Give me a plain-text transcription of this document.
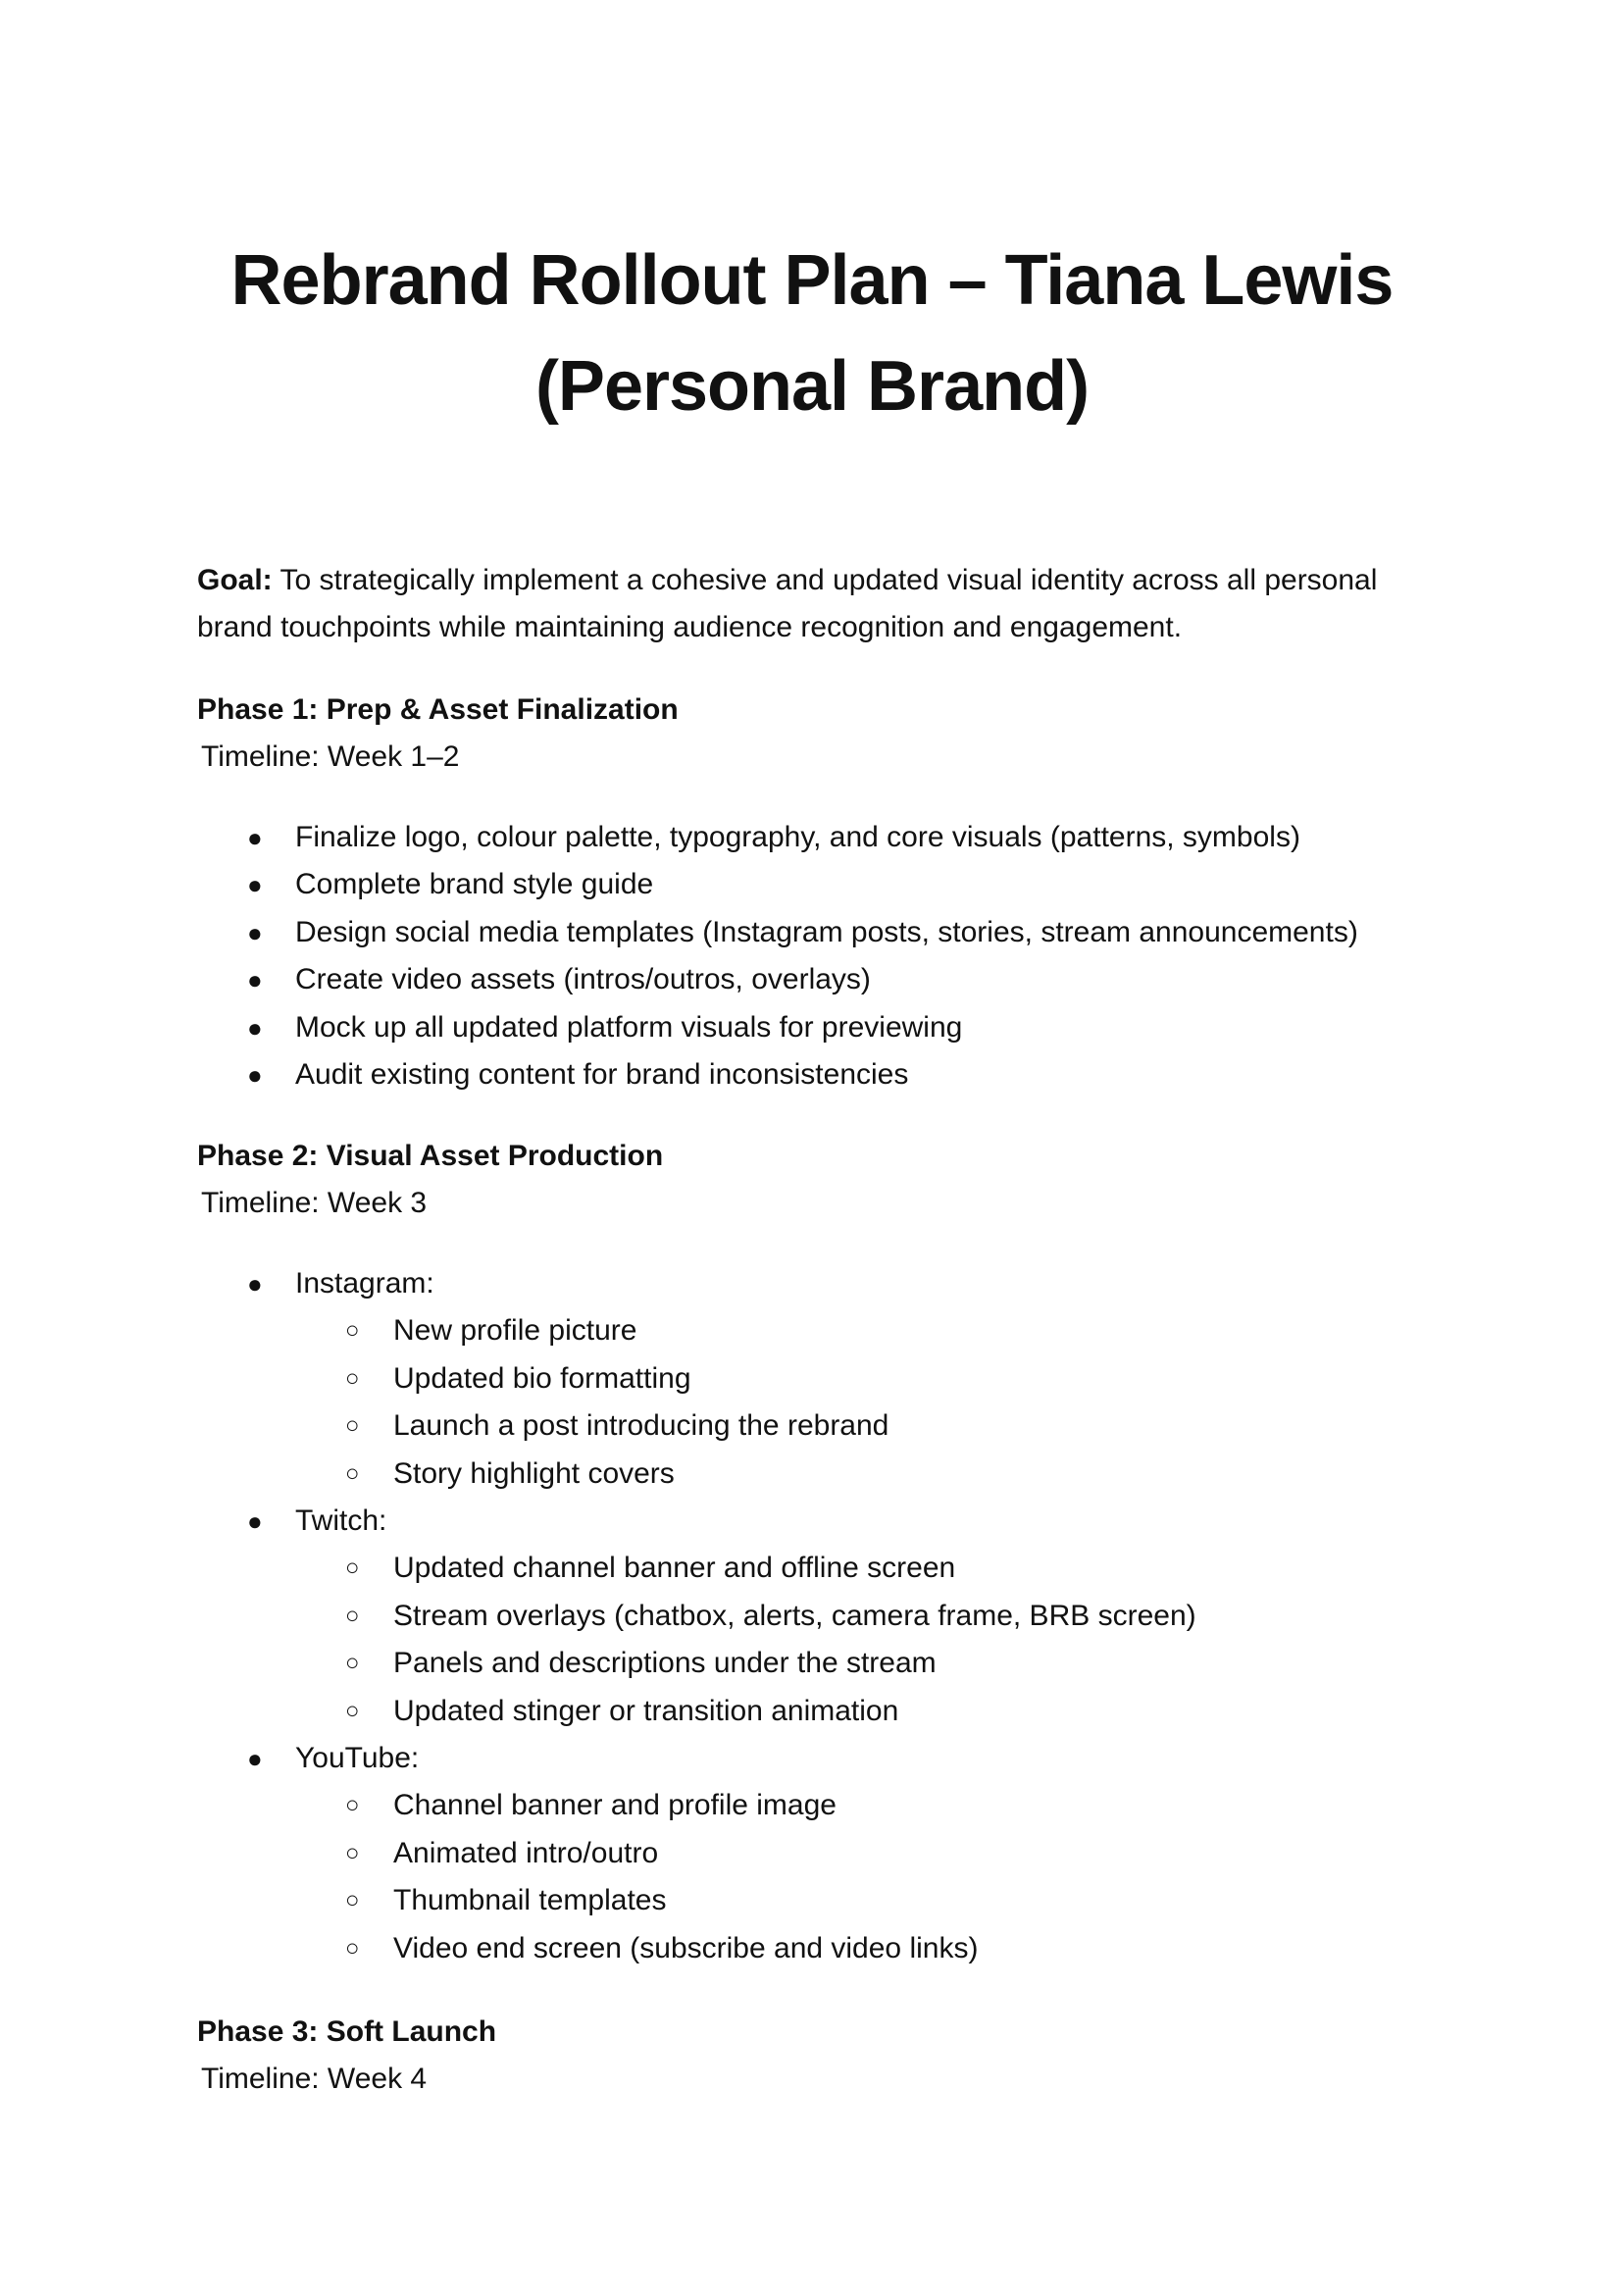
Rebrand Rollout Plan – Tiana Lewis (Personal Brand)

Goal: To strategically implement a cohesive and updated visual identity across all personal brand touchpoints while maintaining audience recognition and engagement.

Phase 1: Prep & Asset Finalization

Timeline: Week 1–2

● Finalize logo, colour palette, typography, and core visuals (patterns, symbols)
● Complete brand style guide
● Design social media templates (Instagram posts, stories, stream announcements)
● Create video assets (intros/outros, overlays)
● Mock up all updated platform visuals for previewing
● Audit existing content for brand inconsistencies

Phase 2: Visual Asset Production

Timeline: Week 3

● Instagram:
○ New profile picture
○ Updated bio formatting
○ Launch a post introducing the rebrand
○ Story highlight covers
● Twitch:
○ Updated channel banner and offline screen
○ Stream overlays (chatbox, alerts, camera frame, BRB screen)
○ Panels and descriptions under the stream
○ Updated stinger or transition animation
● YouTube:
○ Channel banner and profile image
○ Animated intro/outro
○ Thumbnail templates
○ Video end screen (subscribe and video links)

Phase 3: Soft Launch

Timeline: Week 4
